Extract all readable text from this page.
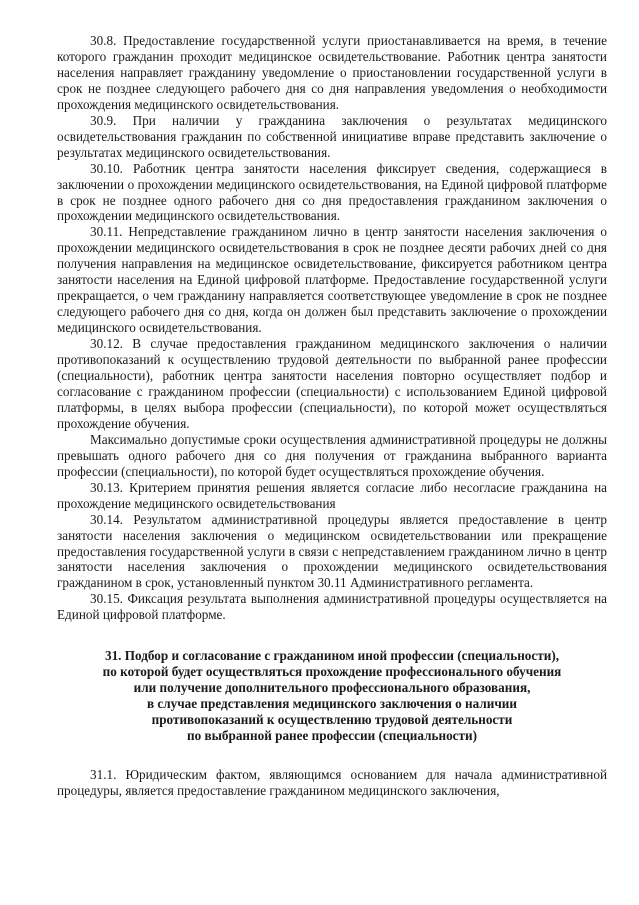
30.8. Предоставление государственной услуги приостанавливается на время, в течение которого гражданин проходит медицинское освидетельствование. Работник центра занятости населения направляет гражданину уведомление о приостановлении государственной услуги в срок не позднее следующего рабочего дня со дня направления уведомления о необходимости прохождения медицинского освидетельствования.

30.9. При наличии у гражданина заключения о результатах медицинского освидетельствования гражданин по собственной инициативе вправе представить заключение о результатах медицинского освидетельствования.

30.10. Работник центра занятости населения фиксирует сведения, содержащиеся в заключении о прохождении медицинского освидетельствования, на Единой цифровой платформе в срок не позднее одного рабочего дня со дня предоставления гражданином заключения о прохождении медицинского освидетельствования.

30.11. Непредставление гражданином лично в центр занятости населения заключения о прохождении медицинского освидетельствования в срок не позднее десяти рабочих дней со дня получения направления на медицинское освидетельствование, фиксируется работником центра занятости населения на Единой цифровой платформе. Предоставление государственной услуги прекращается, о чем гражданину направляется соответствующее уведомление в срок не позднее следующего рабочего дня со дня, когда он должен был представить заключение о прохождении медицинского освидетельствования.

30.12. В случае предоставления гражданином медицинского заключения о наличии противопоказаний к осуществлению трудовой деятельности по выбранной ранее профессии (специальности), работник центра занятости населения повторно осуществляет подбор и согласование с гражданином профессии (специальности) с использованием Единой цифровой платформы, в целях выбора профессии (специальности), по которой может осуществляться прохождение обучения.

Максимально допустимые сроки осуществления административной процедуры не должны превышать одного рабочего дня со дня получения от гражданина выбранного варианта профессии (специальности), по которой будет осуществляться прохождение обучения.

30.13. Критерием принятия решения является согласие либо несогласие гражданина на прохождение медицинского освидетельствования

30.14. Результатом административной процедуры является предоставление в центр занятости населения заключения о медицинском освидетельствовании или прекращение предоставления государственной услуги в связи с непредставлением гражданином лично в центр занятости населения заключения о прохождении медицинского освидетельствования гражданином в срок, установленный пунктом 30.11 Административного регламента.

30.15. Фиксация результата выполнения административной процедуры осуществляется на Единой цифровой платформе.

31. Подбор и согласование с гражданином иной профессии (специальности),
по которой будет осуществляться прохождение профессионального обучения
или получение дополнительного профессионального образования,
в случае представления медицинского заключения о наличии
противопоказаний к осуществлению трудовой деятельности
по выбранной ранее профессии (специальности)

31.1. Юридическим фактом, являющимся основанием для начала административной процедуры, является предоставление гражданином медицинского заключения,
